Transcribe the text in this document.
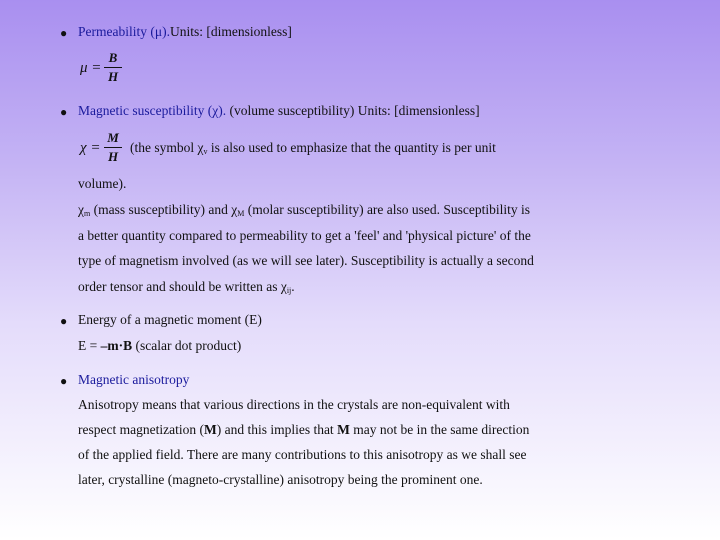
● Permeability (μ).Units: [dimensionless]
μ =
B
H
● Magnetic susceptibility (χ). (volume susceptibility) Units: [dimensionless]
χ =
M
H
(the symbol $\chi_v$ is also used to emphasize that the quantity is per unit
volume).
$\chi_m$ (mass susceptibility) and $\chi_M$ (molar susceptibility) are also used. Susceptibility is
a better quantity compared to permeability to get a 'feel' and 'physical picture' of the
type of magnetism involved (as we will see later). Susceptibility is actually a second
order tensor and should be written as $\chi_{ij}$.
● Energy of a magnetic moment (E)
E = –m·B (scalar dot product)
● Magnetic anisotropy
Anisotropy means that various directions in the crystals are non-equivalent with
respect magnetization (M) and this implies that M may not be in the same direction
of the applied field. There are many contributions to this anisotropy as we shall see
later, crystalline (magneto-crystalline) anisotropy being the prominent one.
